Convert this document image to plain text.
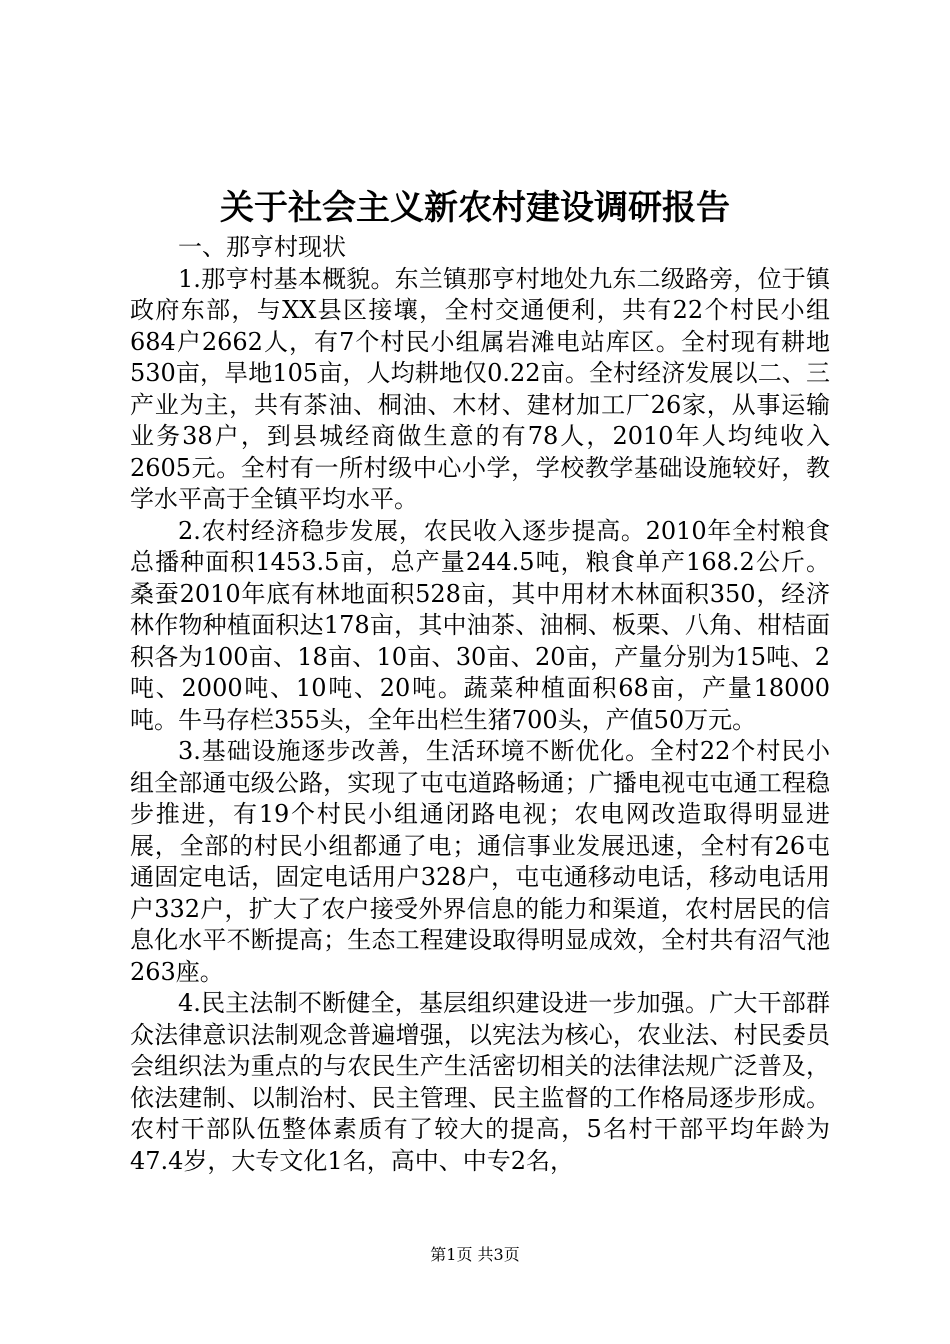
关于社会主义新农村建设调研报告

一、那亨村现状

1.那亨村基本概貌。东兰镇那亨村地处九东二级路旁，位于镇政府东部，与XX县区接壤，全村交通便利，共有22个村民小组684户2662人，有7个村民小组属岩滩电站库区。全村现有耕地530亩，旱地105亩，人均耕地仅0.22亩。全村经济发展以二、三产业为主，共有茶油、桐油、木材、建材加工厂26家，从事运输业务38户，到县城经商做生意的有78人，2010年人均纯收入2605元。全村有一所村级中心小学，学校教学基础设施较好，教学水平高于全镇平均水平。

2.农村经济稳步发展，农民收入逐步提高。2010年全村粮食总播种面积1453.5亩，总产量244.5吨，粮食单产168.2公斤。桑蚕2010年底有林地面积528亩，其中用材木林面积350，经济林作物种植面积达178亩，其中油茶、油桐、板栗、八角、柑桔面积各为100亩、18亩、10亩、30亩、20亩，产量分别为15吨、2吨、2000吨、10吨、20吨。蔬菜种植面积68亩，产量18000吨。牛马存栏355头，全年出栏生猪700头，产值50万元。

3.基础设施逐步改善，生活环境不断优化。全村22个村民小组全部通屯级公路，实现了屯屯道路畅通；广播电视屯屯通工程稳步推进，有19个村民小组通闭路电视；农电网改造取得明显进展，全部的村民小组都通了电；通信事业发展迅速，全村有26屯通固定电话，固定电话用户328户，屯屯通移动电话，移动电话用户332户，扩大了农户接受外界信息的能力和渠道，农村居民的信息化水平不断提高；生态工程建设取得明显成效，全村共有沼气池263座。

4.民主法制不断健全，基层组织建设进一步加强。广大干部群众法律意识法制观念普遍增强，以宪法为核心，农业法、村民委员会组织法为重点的与农民生产生活密切相关的法律法规广泛普及，依法建制、以制治村、民主管理、民主监督的工作格局逐步形成。农村干部队伍整体素质有了较大的提高，5名村干部平均年龄为47.4岁，大专文化1名，高中、中专2名，

第1页 共3页
